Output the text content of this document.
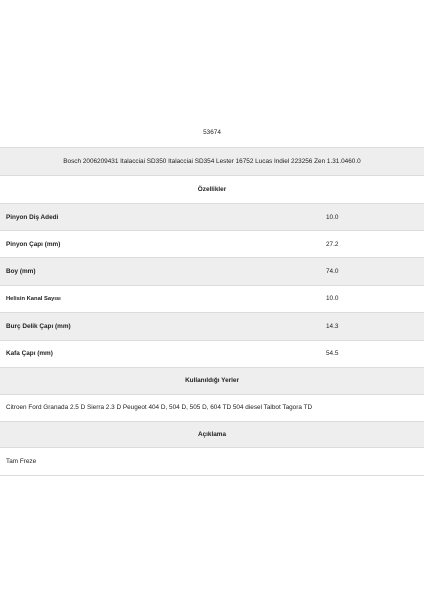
53674
Bosch 2006209431 Italacciai SD350 Italacciai SD354 Lester 16752 Lucas Indiel 223256 Zen 1.31.0460.0
Özellikler
Pinyon Diş Adedi	10.0
Pinyon Çapı (mm)	27.2
Boy (mm)	74.0
Helisin Kanal Sayısı	10.0
Burç Delik Çapı (mm)	14.3
Kafa Çapı (mm)	54.5
Kullanıldığı Yerler
Citroen Ford Granada 2.5 D Sierra 2.3 D Peugeot 404 D, 504 D, 505 D, 604 TD 504 diesel Talbot Tagora TD
Açıklama
Tam Freze
